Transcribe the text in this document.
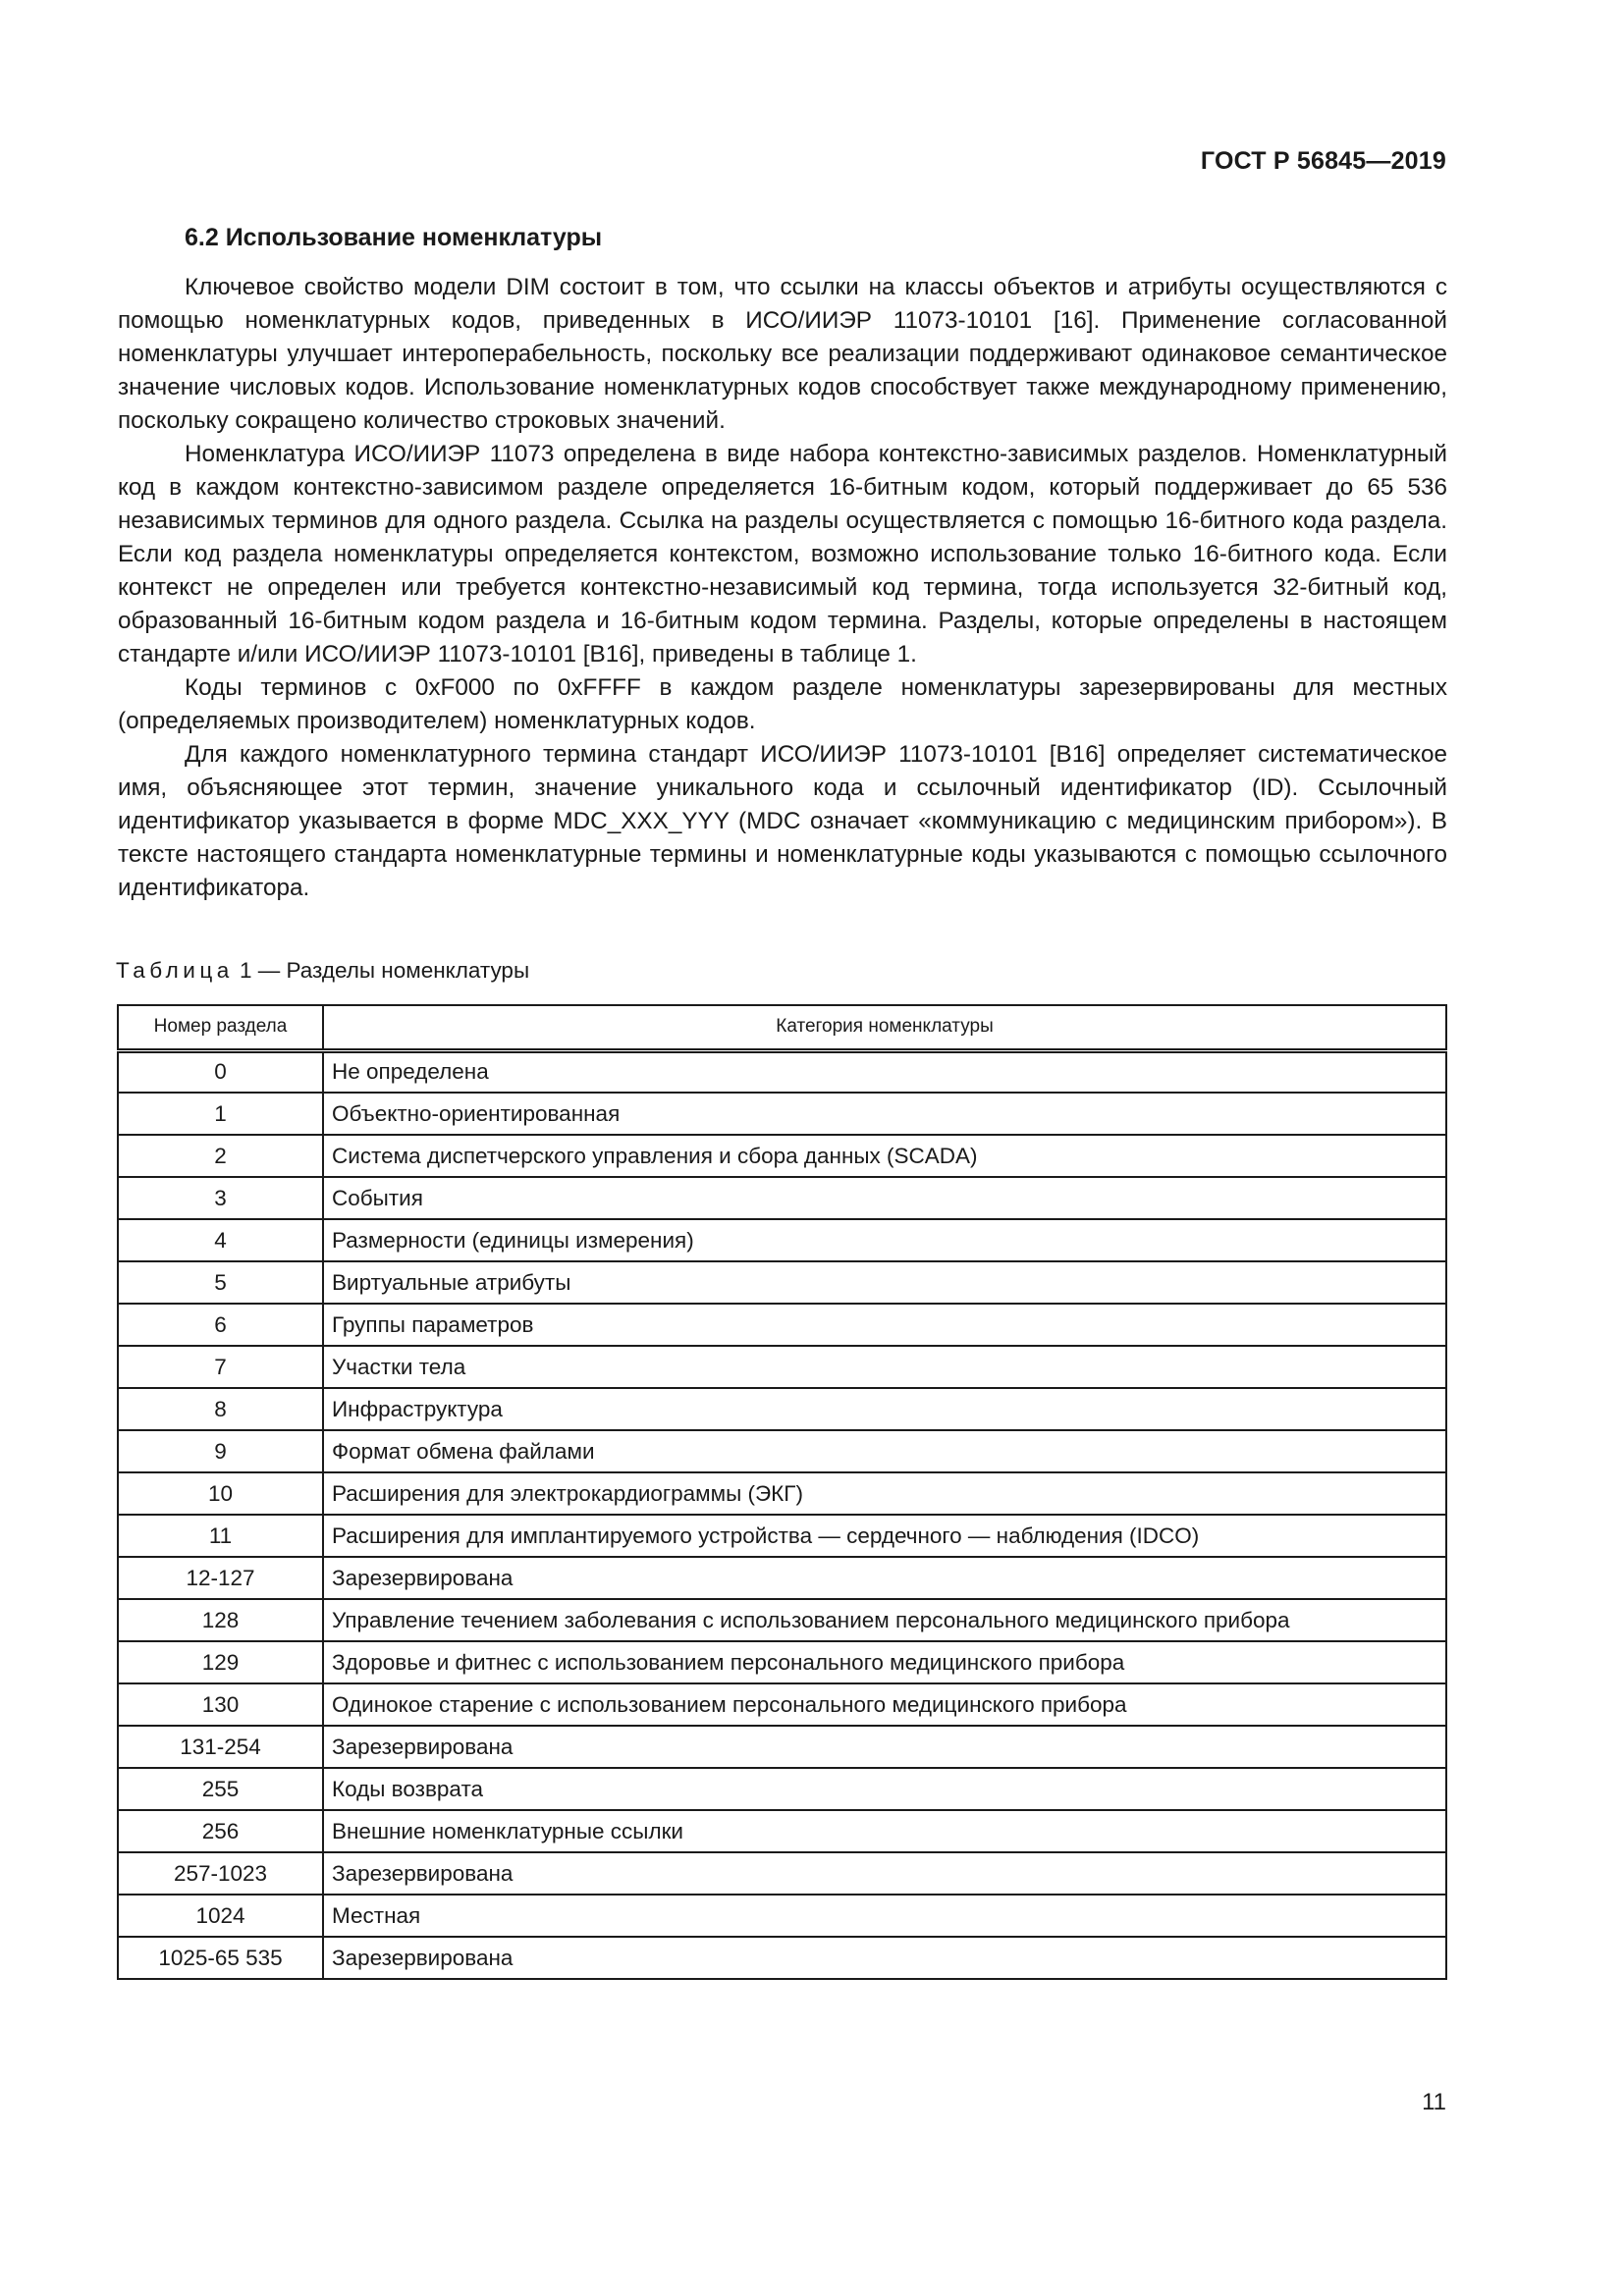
ГОСТ Р 56845—2019
6.2 Использование номенклатуры

Ключевое свойство модели DIM состоит в том, что ссылки на классы объектов и атрибуты осуществляются с помощью номенклатурных кодов, приведенных в ИСО/ИИЭР 11073-10101 [16]. Применение согласованной номенклатуры улучшает интероперабельность, поскольку все реализации поддерживают одинаковое семантическое значение числовых кодов. Использование номенклатурных кодов способствует также международному применению, поскольку сокращено количество строковых значений.

Номенклатура ИСО/ИИЭР 11073 определена в виде набора контекстно-зависимых разделов. Номенклатурный код в каждом контекстно-зависимом разделе определяется 16-битным кодом, который поддерживает до 65 536 независимых терминов для одного раздела. Ссылка на разделы осуществляется с помощью 16-битного кода раздела. Если код раздела номенклатуры определяется контекстом, возможно использование только 16-битного кода. Если контекст не определен или требуется контекстно-независимый код термина, тогда используется 32-битный код, образованный 16-битным кодом раздела и 16-битным кодом термина. Разделы, которые определены в настоящем стандарте и/или ИСО/ИИЭР 11073-10101 [B16], приведены в таблице 1.

Коды терминов с 0xF000 по 0xFFFF в каждом разделе номенклатуры зарезервированы для местных (определяемых производителем) номенклатурных кодов.

Для каждого номенклатурного термина стандарт ИСО/ИИЭР 11073-10101 [B16] определяет систематическое имя, объясняющее этот термин, значение уникального кода и ссылочный идентификатор (ID). Ссылочный идентификатор указывается в форме MDC_XXX_YYY (MDC означает «коммуникацию с медицинским прибором»). В тексте настоящего стандарта номенклатурные термины и номенклатурные коды указываются с помощью ссылочного идентификатора.

Таблица 1 — Разделы номенклатуры
Номер раздела	Категория номенклатуры
0	Не определена
1	Объектно-ориентированная
2	Система диспетчерского управления и сбора данных (SCADA)
3	События
4	Размерности (единицы измерения)
5	Виртуальные атрибуты
6	Группы параметров
7	Участки тела
8	Инфраструктура
9	Формат обмена файлами
10	Расширения для электрокардиограммы (ЭКГ)
11	Расширения для имплантируемого устройства — сердечного — наблюдения (IDCO)
12-127	Зарезервирована
128	Управление течением заболевания с использованием персонального медицинского прибора
129	Здоровье и фитнес с использованием персонального медицинского прибора
130	Одинокое старение с использованием персонального медицинского прибора
131-254	Зарезервирована
255	Коды возврата
256	Внешние номенклатурные ссылки
257-1023	Зарезервирована
1024	Местная
1025-65 535	Зарезервирована
11
